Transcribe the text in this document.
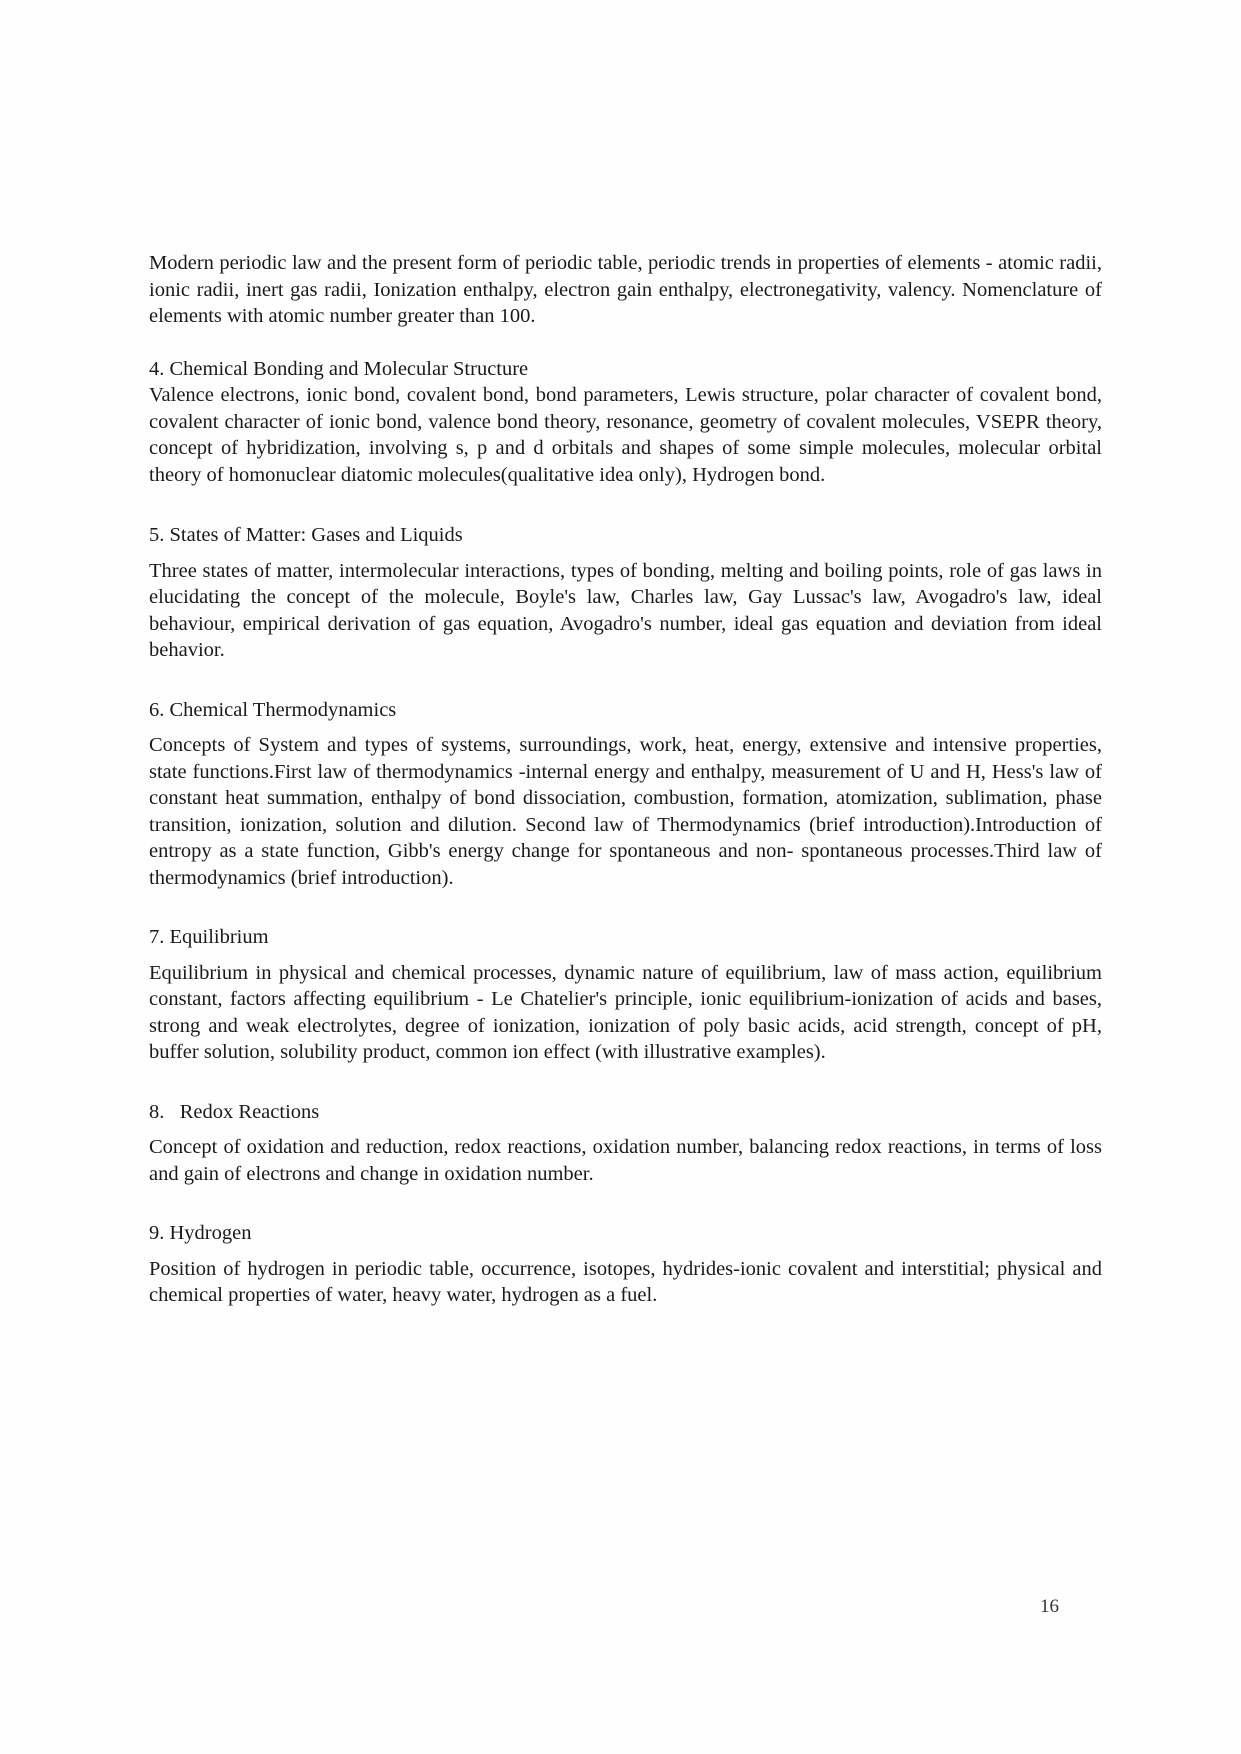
Modern periodic law and the present form of periodic table, periodic trends in properties of elements - atomic radii, ionic radii, inert gas radii, Ionization enthalpy, electron gain enthalpy, electronegativity, valency. Nomenclature of elements with atomic number greater than 100.

4. Chemical Bonding and Molecular Structure

Valence electrons, ionic bond, covalent bond, bond parameters, Lewis structure, polar character of covalent bond, covalent character of ionic bond, valence bond theory, resonance, geometry of covalent molecules, VSEPR theory, concept of hybridization, involving s, p and d orbitals and shapes of some simple molecules, molecular orbital theory of homonuclear diatomic molecules(qualitative idea only), Hydrogen bond.

5. States of Matter: Gases and Liquids

Three states of matter, intermolecular interactions, types of bonding, melting and boiling points, role of gas laws in elucidating the concept of the molecule, Boyle's law, Charles law, Gay Lussac's law, Avogadro's law, ideal behaviour, empirical derivation of gas equation, Avogadro's number, ideal gas equation and deviation from ideal behavior.

6. Chemical Thermodynamics

Concepts of System and types of systems, surroundings, work, heat, energy, extensive and intensive properties, state functions.First law of thermodynamics -internal energy and enthalpy, measurement of U and H, Hess's law of constant heat summation, enthalpy of bond dissociation, combustion, formation, atomization, sublimation, phase transition, ionization, solution and dilution. Second law of Thermodynamics (brief introduction).Introduction of entropy as a state function, Gibb's energy change for spontaneous and non- spontaneous processes.Third law of thermodynamics (brief introduction).

7. Equilibrium

Equilibrium in physical and chemical processes, dynamic nature of equilibrium, law of mass action, equilibrium constant, factors affecting equilibrium - Le Chatelier's principle, ionic equilibrium-ionization of acids and bases, strong and weak electrolytes, degree of ionization, ionization of poly basic acids, acid strength, concept of pH, buffer solution, solubility product, common ion effect (with illustrative examples).

8.   Redox Reactions

Concept of oxidation and reduction, redox reactions, oxidation number, balancing redox reactions, in terms of loss and gain of electrons and change in oxidation number.

9. Hydrogen

Position of hydrogen in periodic table, occurrence, isotopes, hydrides-ionic covalent and interstitial; physical and chemical properties of water, heavy water, hydrogen as a fuel.

16
